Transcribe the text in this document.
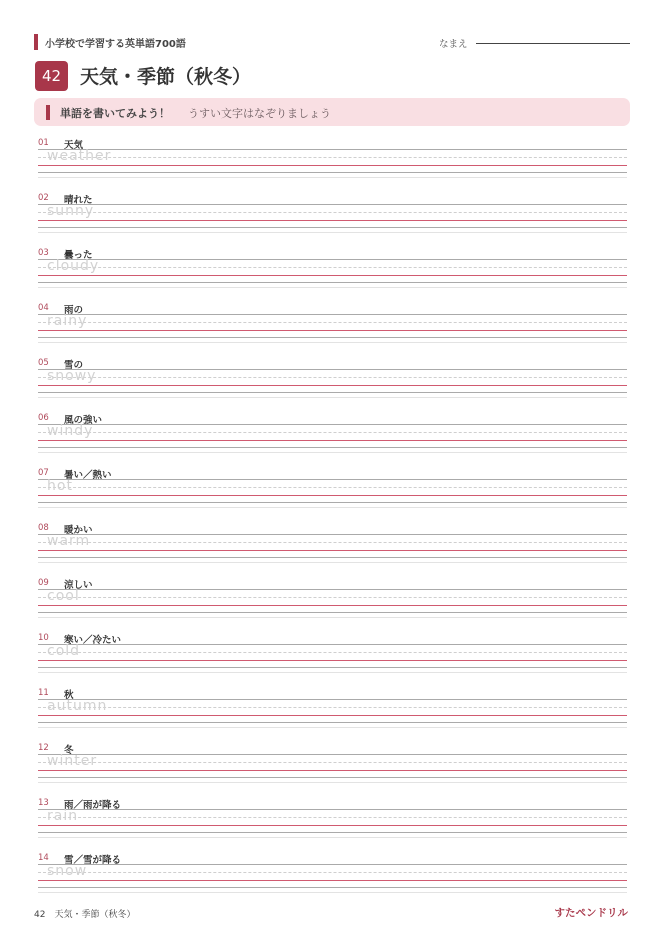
小学校で学習する英単語700語	なまえ
42 天気・季節（秋冬）
単語を書いてみよう！ うすい文字はなぞりましょう
01 天気
weather
02 晴れた
sunny
03 曇った
cloudy
04 雨の
rainy
05 雪の
snowy
06 風の強い
windy
07 暑い／熱い
hot
08 暖かい
warm
09 涼しい
cool
10 寒い／冷たい
cold
11 秋
autumn
12 冬
winter
13 雨／雨が降る
rain
14 雪／雪が降る
snow
42　天気・季節（秋冬）	すたペンドリル
